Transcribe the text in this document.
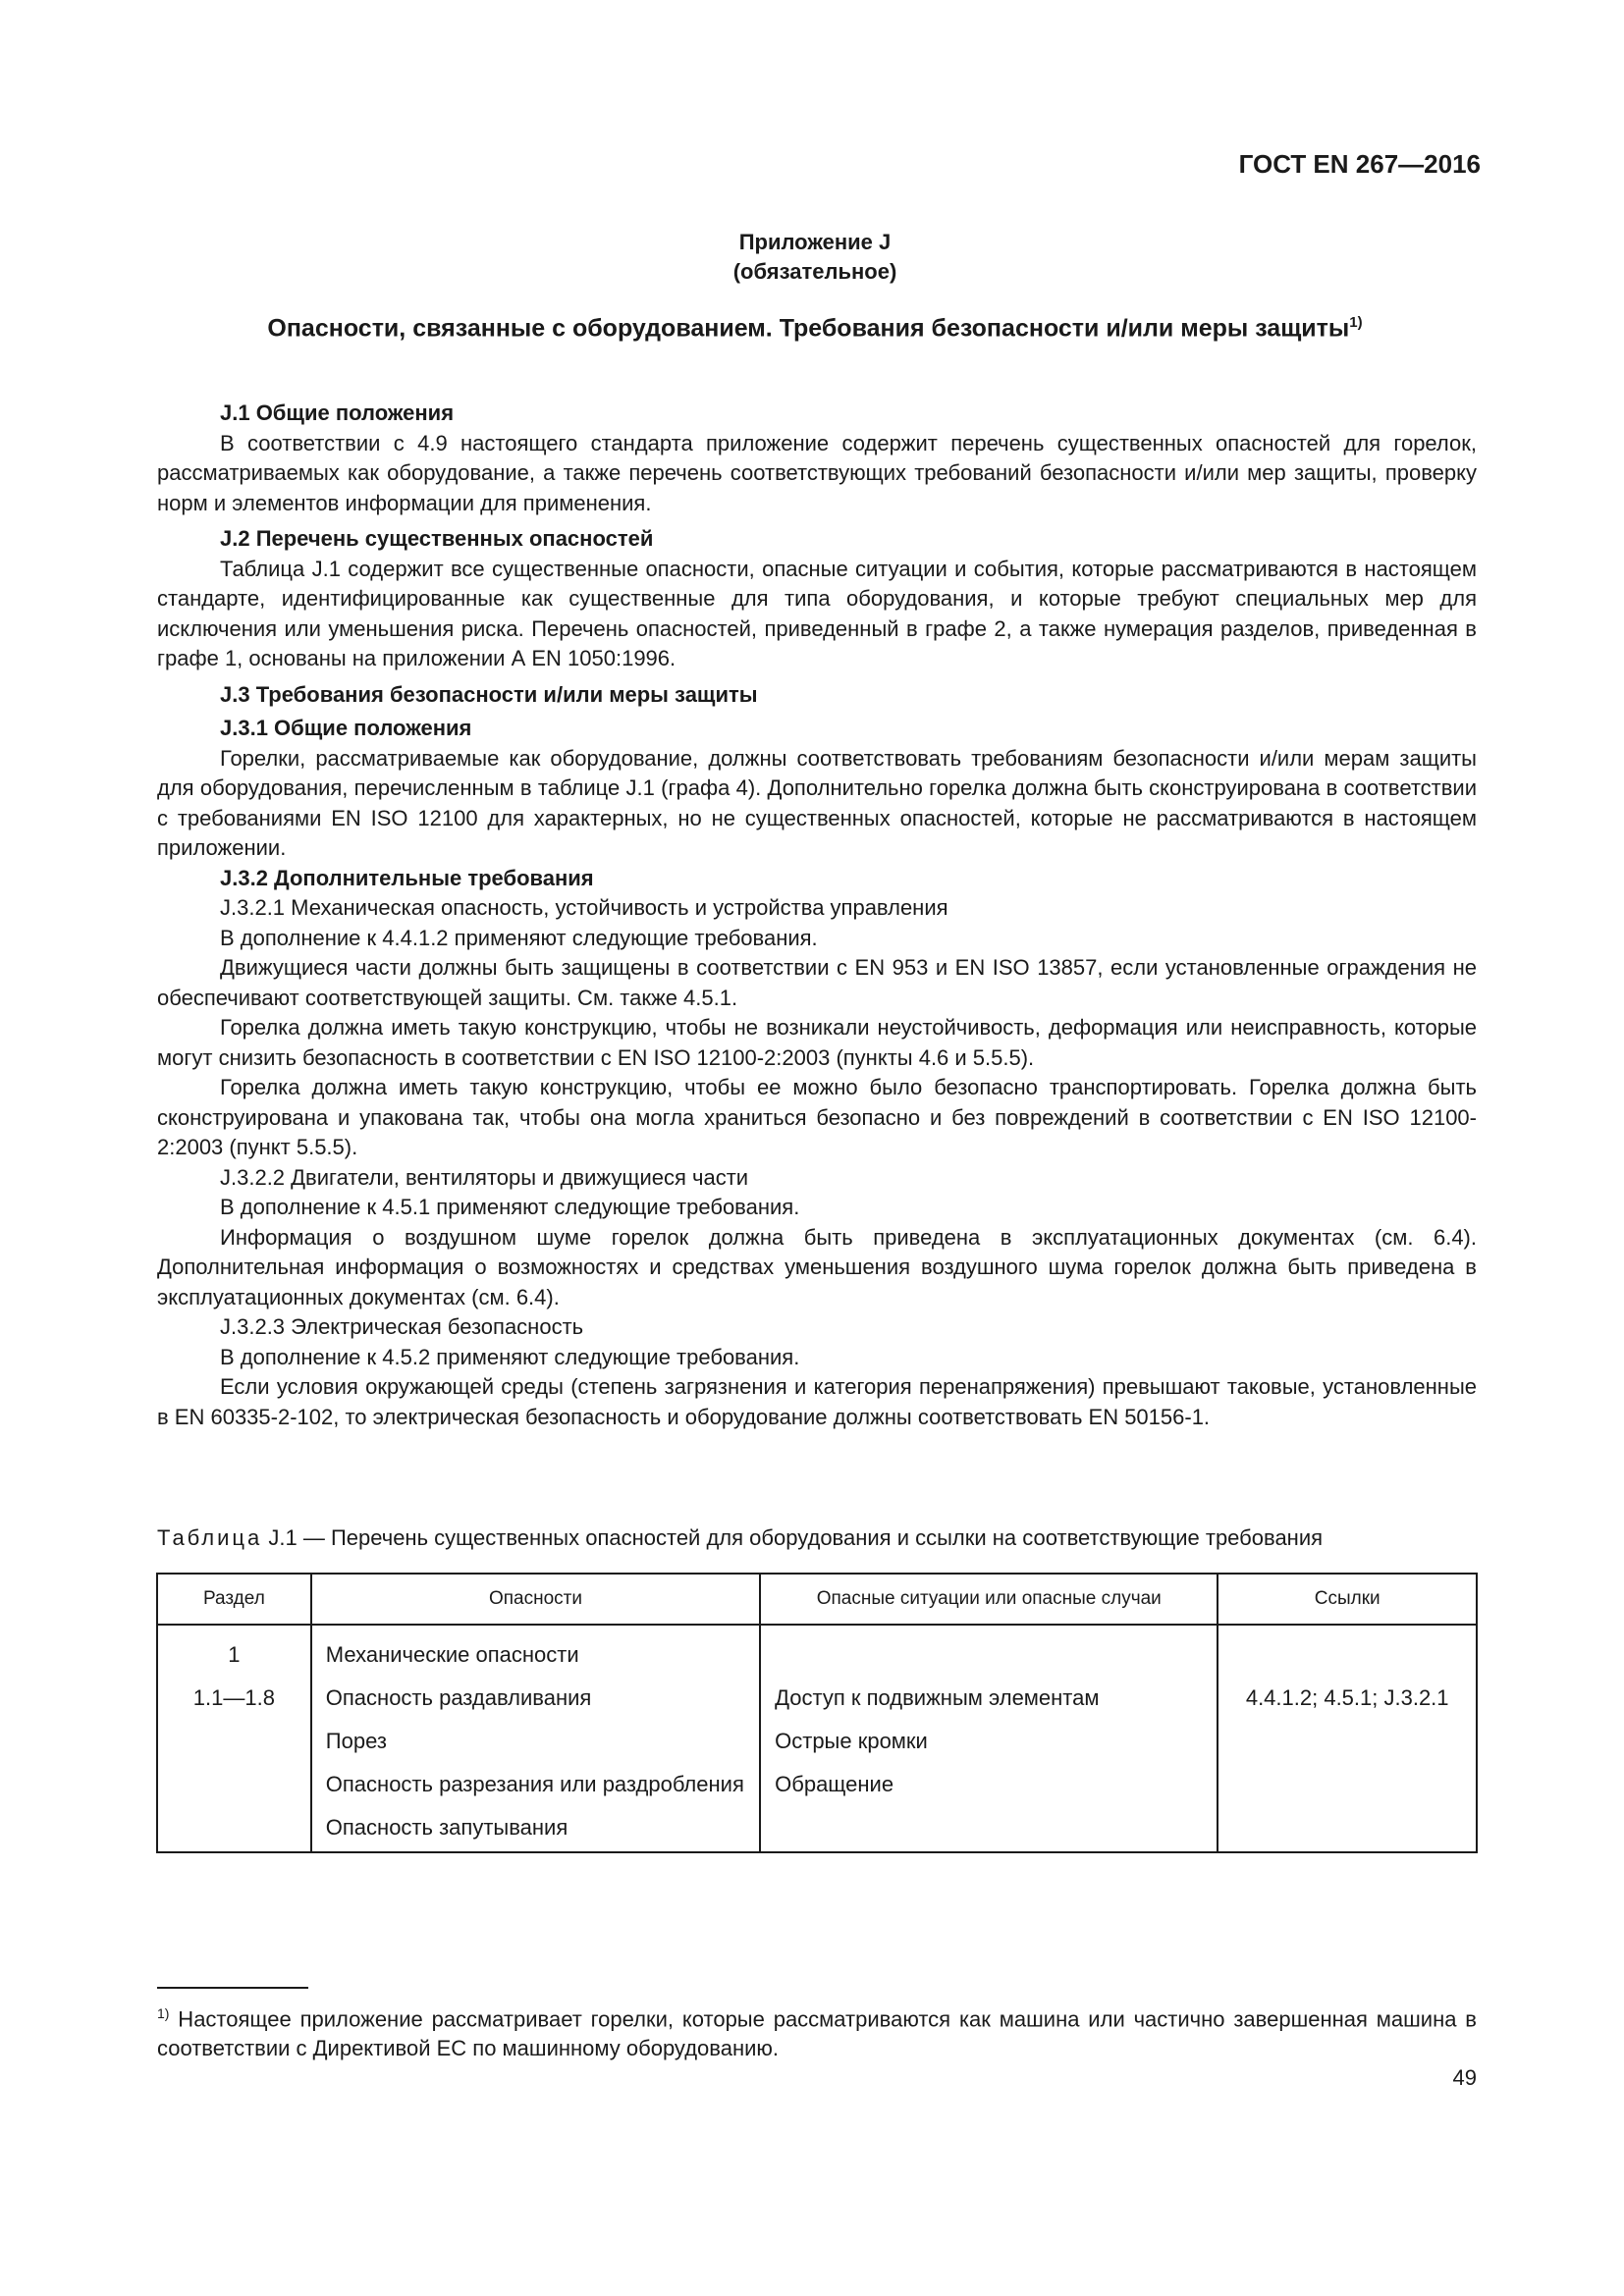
ГОСТ EN 267—2016
Приложение J
(обязательное)
Опасности, связанные с оборудованием. Требования безопасности и/или меры защиты$^{1)}$

J.1 Общие положения

В соответствии с 4.9 настоящего стандарта приложение содержит перечень существенных опасностей для горелок, рассматриваемых как оборудование, а также перечень соответствующих требований безопасности и/или мер защиты, проверку норм и элементов информации для применения.

J.2 Перечень существенных опасностей

Таблица J.1 содержит все существенные опасности, опасные ситуации и события, которые рассматриваются в настоящем стандарте, идентифицированные как существенные для типа оборудования, и которые требуют специальных мер для исключения или уменьшения риска. Перечень опасностей, приведенный в графе 2, а также нумерация разделов, приведенная в графе 1, основаны на приложении А EN 1050:1996.

J.3 Требования безопасности и/или меры защиты

J.3.1 Общие положения

Горелки, рассматриваемые как оборудование, должны соответствовать требованиям безопасности и/или мерам защиты для оборудования, перечисленным в таблице J.1 (графа 4). Дополнительно горелка должна быть сконструирована в соответствии с требованиями EN ISO 12100 для характерных, но не существенных опасностей, которые не рассматриваются в настоящем приложении.

J.3.2 Дополнительные требования

J.3.2.1 Механическая опасность, устойчивость и устройства управления

В дополнение к 4.4.1.2 применяют следующие требования.

Движущиеся части должны быть защищены в соответствии с EN 953 и EN ISO 13857, если установленные ограждения не обеспечивают соответствующей защиты. См. также 4.5.1.

Горелка должна иметь такую конструкцию, чтобы не возникали неустойчивость, деформация или неисправность, которые могут снизить безопасность в соответствии с EN ISO 12100-2:2003 (пункты 4.6 и 5.5.5).

Горелка должна иметь такую конструкцию, чтобы ее можно было безопасно транспортировать. Горелка должна быть сконструирована и упакована так, чтобы она могла храниться безопасно и без повреждений в соответствии с EN ISO 12100-2:2003 (пункт 5.5.5).

J.3.2.2 Двигатели, вентиляторы и движущиеся части

В дополнение к 4.5.1 применяют следующие требования.

Информация о воздушном шуме горелок должна быть приведена в эксплуатационных документах (см. 6.4). Дополнительная информация о возможностях и средствах уменьшения воздушного шума горелок должна быть приведена в эксплуатационных документах (см. 6.4).

J.3.2.3 Электрическая безопасность

В дополнение к 4.5.2 применяют следующие требования.

Если условия окружающей среды (степень загрязнения и категория перенапряжения) превышают таковые, установленные в EN 60335-2-102, то электрическая безопасность и оборудование должны соответствовать EN 50156-1.

Таблица J.1 — Перечень существенных опасностей для оборудования и ссылки на соответствующие требования
Раздел	Опасности	Опасные ситуации или опасные случаи	Ссылки
1	Механические опасности		
1.1—1.8	Опасность раздавливания	Доступ к подвижным элементам	4.4.1.2; 4.5.1; J.3.2.1
	Порез	Острые кромки	
	Опасность разрезания или раздробления	Обращение	
	Опасность запутывания		
$^{1)}$ Настоящее приложение рассматривает горелки, которые рассматриваются как машина или частично завершенная машина в соответствии с Директивой ЕС по машинному оборудованию.
49
